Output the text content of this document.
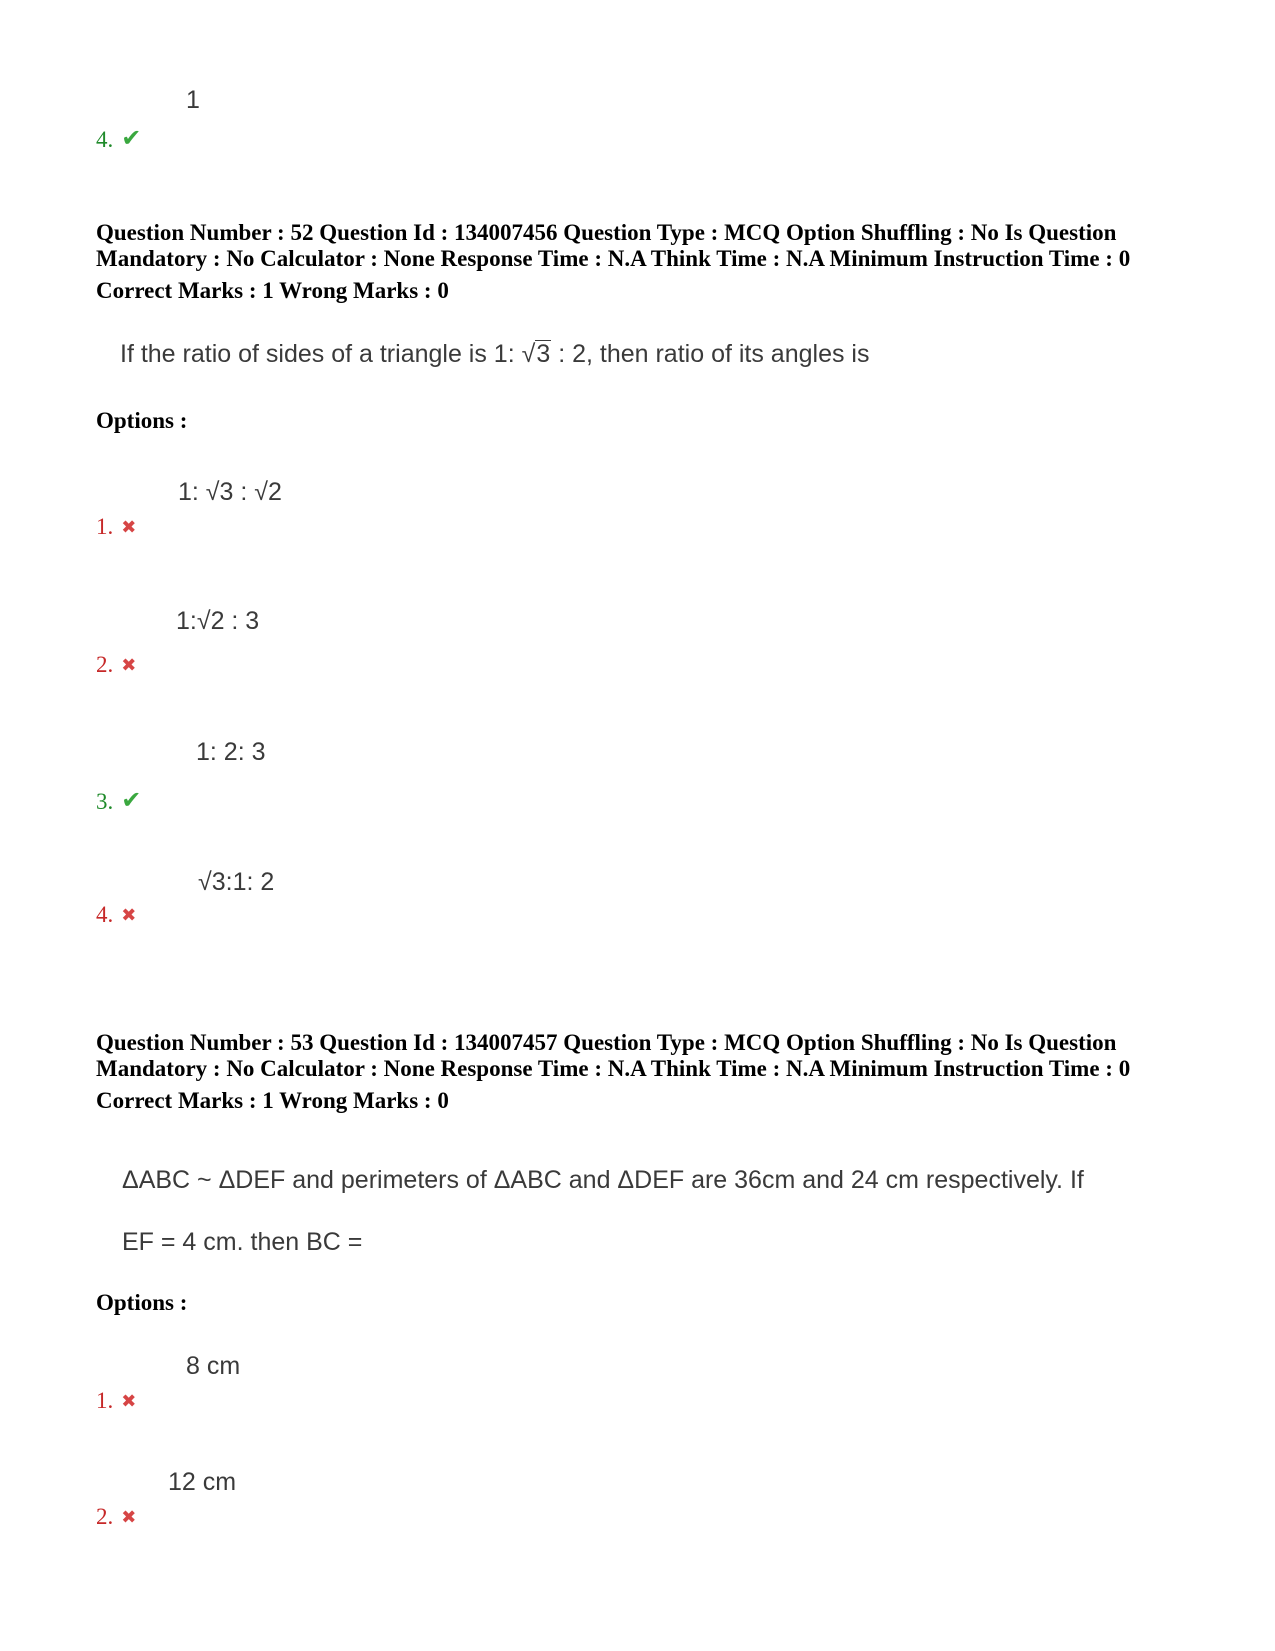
1
4. ✔
Question Number : 52 Question Id : 134007456 Question Type : MCQ Option Shuffling : No Is Question
Mandatory : No Calculator : None Response Time : N.A Think Time : N.A Minimum Instruction Time : 0
Correct Marks : 1 Wrong Marks : 0
If the ratio of sides of a triangle is 1: √3 : 2, then ratio of its angles is
Options :
1: √3 : √2
1. ✖
1:√2 : 3
2. ✖
1: 2: 3
3. ✔
√3:1: 2
4. ✖
Question Number : 53 Question Id : 134007457 Question Type : MCQ Option Shuffling : No Is Question
Mandatory : No Calculator : None Response Time : N.A Think Time : N.A Minimum Instruction Time : 0
Correct Marks : 1 Wrong Marks : 0
ΔABC ~ ΔDEF and perimeters of ΔABC and ΔDEF are 36cm and 24 cm respectively. If
EF = 4 cm. then BC =
Options :
8 cm
1. ✖
12 cm
2. ✖
